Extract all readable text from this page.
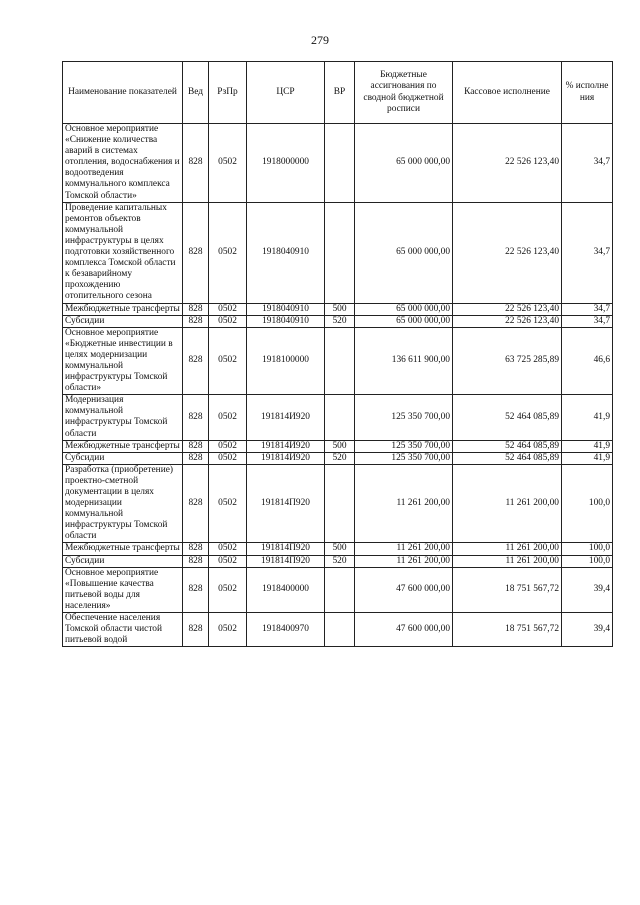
279
Наименование показателей	Вед	РзПр	ЦСР	ВР	Бюджетные ассигнования по сводной бюджетной росписи	Кассовое исполнение	% исполне ния
Основное мероприятие «Снижение количества аварий в системах отопления, водоснабжения и водоотведения коммунального комплекса Томской области»	828	0502	1918000000		65 000 000,00	22 526 123,40	34,7
Проведение капитальных ремонтов объектов коммунальной инфраструктуры в целях подготовки хозяйственного комплекса Томской области к безаварийному прохождению отопительного сезона	828	0502	1918040910		65 000 000,00	22 526 123,40	34,7
Межбюджетные трансферты	828	0502	1918040910	500	65 000 000,00	22 526 123,40	34,7
Субсидии	828	0502	1918040910	520	65 000 000,00	22 526 123,40	34,7
Основное мероприятие «Бюджетные инвестиции в целях модернизации коммунальной инфраструктуры Томской области»	828	0502	1918100000		136 611 900,00	63 725 285,89	46,6
Модернизация коммунальной инфраструктуры Томской области	828	0502	191814И920		125 350 700,00	52 464 085,89	41,9
Межбюджетные трансферты	828	0502	191814И920	500	125 350 700,00	52 464 085,89	41,9
Субсидии	828	0502	191814И920	520	125 350 700,00	52 464 085,89	41,9
Разработка (приобретение) проектно-сметной документации в целях модернизации коммунальной инфраструктуры Томской области	828	0502	191814П920		11 261 200,00	11 261 200,00	100,0
Межбюджетные трансферты	828	0502	191814П920	500	11 261 200,00	11 261 200,00	100,0
Субсидии	828	0502	191814П920	520	11 261 200,00	11 261 200,00	100,0
Основное мероприятие «Повышение качества питьевой воды для населения»	828	0502	1918400000		47 600 000,00	18 751 567,72	39,4
Обеспечение населения Томской области чистой питьевой водой	828	0502	1918400970		47 600 000,00	18 751 567,72	39,4
